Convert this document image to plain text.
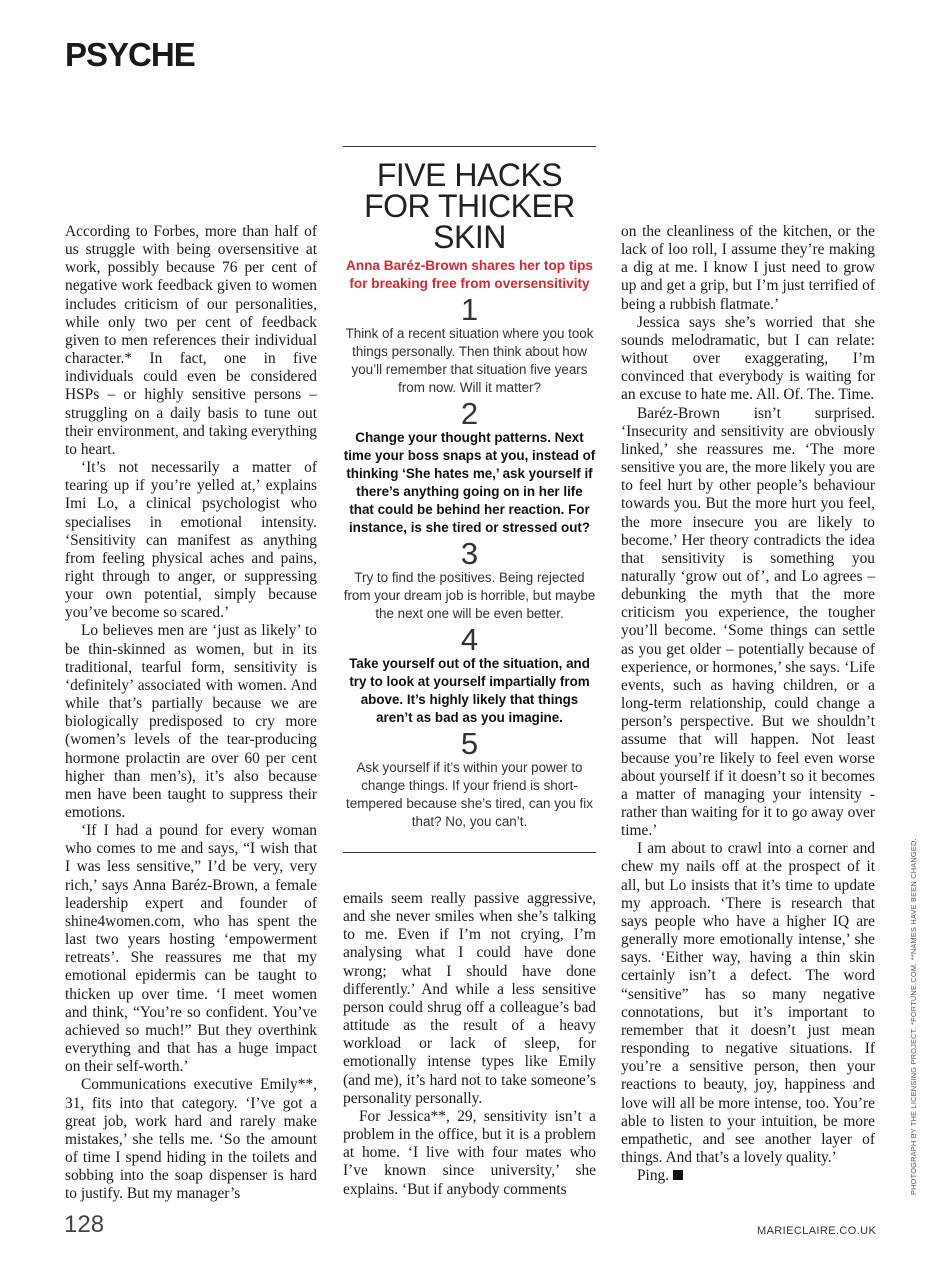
PSYCHE

According to Forbes, more than half of us struggle with being oversensitive at work, possibly because 76 per cent of negative work feedback given to women includes criticism of our personalities, while only two per cent of feedback given to men references their individual character.* In fact, one in five individuals could even be considered HSPs – or highly sensitive persons – struggling on a daily basis to tune out their environment, and taking everything to heart.

‘It’s not necessarily a matter of tearing up if you’re yelled at,’ explains Imi Lo, a clinical psychologist who specialises in emotional intensity. ‘Sensitivity can manifest as anything from feeling physical aches and pains, right through to anger, or suppressing your own potential, simply because you’ve become so scared.’

Lo believes men are ‘just as likely’ to be thin-skinned as women, but in its traditional, tearful form, sensitivity is ‘definitely’ associated with women. And while that’s partially because we are biologically predisposed to cry more (women’s levels of the tear-producing hormone prolactin are over 60 per cent higher than men’s), it’s also because men have been taught to suppress their emotions.

‘If I had a pound for every woman who comes to me and says, “I wish that I was less sensitive,” I’d be very, very rich,’ says Anna Baréz-Brown, a female leadership expert and founder of shine4women.com, who has spent the last two years hosting ‘empowerment retreats’. She reassures me that my emotional epidermis can be taught to thicken up over time. ‘I meet women and think, “You’re so confident. You’ve achieved so much!” But they overthink everything and that has a huge impact on their self-worth.’

Communications executive Emily**, 31, fits into that category. ‘I’ve got a great job, work hard and rarely make mistakes,’ she tells me. ‘So the amount of time I spend hiding in the toilets and sobbing into the soap dispenser is hard to justify. But my manager’s

FIVE HACKS FOR THICKER SKIN
Anna Baréz-Brown shares her top tips for breaking free from oversensitivity
1
Think of a recent situation where you took things personally. Then think about how you’ll remember that situation five years from now. Will it matter?
2
Change your thought patterns. Next time your boss snaps at you, instead of thinking ‘She hates me,’ ask yourself if there’s anything going on in her life that could be behind her reaction. For instance, is she tired or stressed out?
3
Try to find the positives. Being rejected from your dream job is horrible, but maybe the next one will be even better.
4
Take yourself out of the situation, and try to look at yourself impartially from above. It’s highly likely that things aren’t as bad as you imagine.
5
Ask yourself if it’s within your power to change things. If your friend is short-tempered because she’s tired, can you fix that? No, you can’t.

emails seem really passive aggressive, and she never smiles when she’s talking to me. Even if I’m not crying, I’m analysing what I could have done wrong; what I should have done differently.’ And while a less sensitive person could shrug off a colleague’s bad attitude as the result of a heavy workload or lack of sleep, for emotionally intense types like Emily (and me), it’s hard not to take someone’s personality personally.

For Jessica**, 29, sensitivity isn’t a problem in the office, but it is a problem at home. ‘I live with four mates who I’ve known since university,’ she explains. ‘But if anybody comments

on the cleanliness of the kitchen, or the lack of loo roll, I assume they’re making a dig at me. I know I just need to grow up and get a grip, but I’m just terrified of being a rubbish flatmate.’

Jessica says she’s worried that she sounds melodramatic, but I can relate: without over exaggerating, I’m convinced that everybody is waiting for an excuse to hate me. All. Of. The. Time.

Baréz-Brown isn’t surprised. ‘Insecurity and sensitivity are obviously linked,’ she reassures me. ‘The more sensitive you are, the more likely you are to feel hurt by other people’s behaviour towards you. But the more hurt you feel, the more insecure you are likely to become.’ Her theory contradicts the idea that sensitivity is something you naturally ‘grow out of’, and Lo agrees – debunking the myth that the more criticism you experience, the tougher you’ll become. ‘Some things can settle as you get older – potentially because of experience, or hormones,’ she says. ‘Life events, such as having children, or a long-term relationship, could change a person’s perspective. But we shouldn’t assume that will happen. Not least because you’re likely to feel even worse about yourself if it doesn’t so it becomes a matter of managing your intensity - rather than waiting for it to go away over time.’

I am about to crawl into a corner and chew my nails off at the prospect of it all, but Lo insists that it’s time to update my approach. ‘There is research that says people who have a higher IQ are generally more emotionally intense,’ she says. ‘Either way, having a thin skin certainly isn’t a defect. The word “sensitive” has so many negative connotations, but it’s important to remember that it doesn’t just mean responding to negative situations. If you’re a sensitive person, then your reactions to beauty, joy, happiness and love will all be more intense, too. You’re able to listen to your intuition, be more empathetic, and see another layer of things. And that’s a lovely quality.’

Ping.

128	MARIECLAIRE.CO.UK
PHOTOGRAPH BY THE LICENSING PROJECT. *FORTUNE.COM. **NAMES HAVE BEEN CHANGED.
